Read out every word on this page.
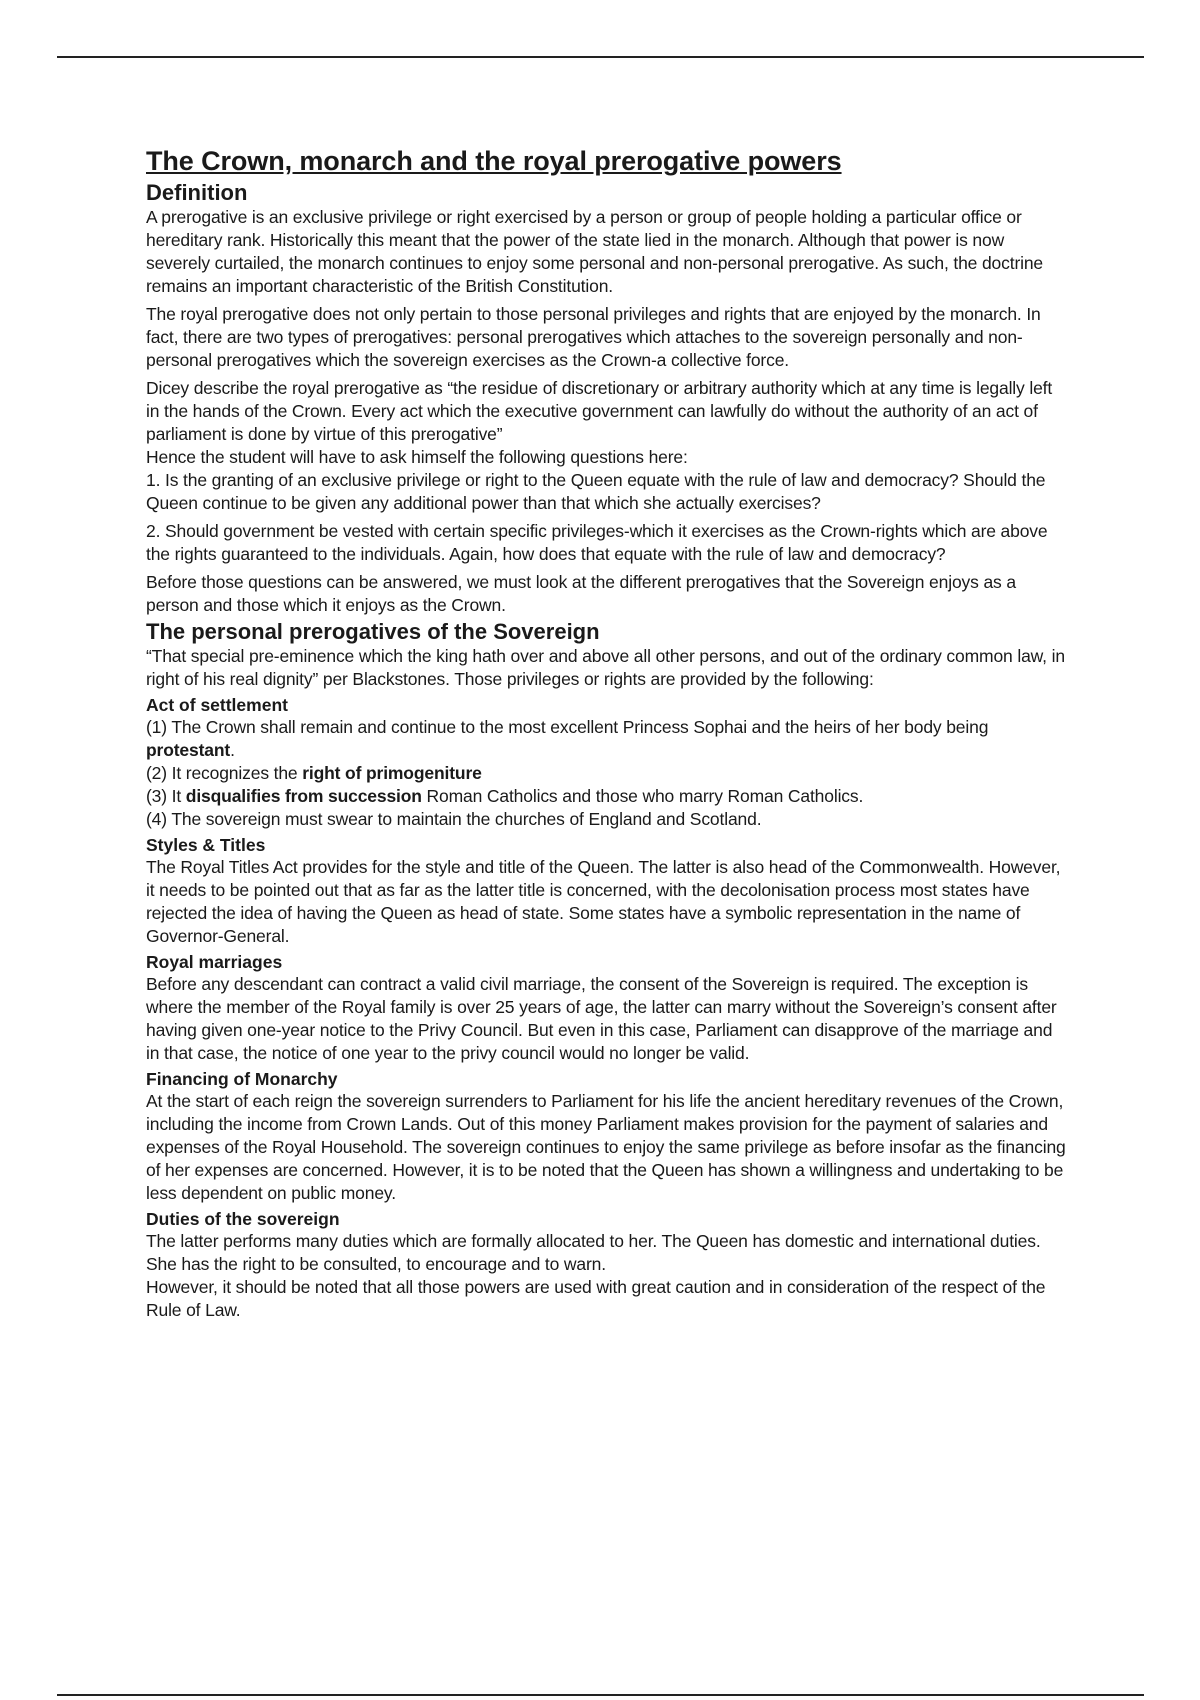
The Crown, monarch and the royal prerogative powers
Definition

A prerogative is an exclusive privilege or right exercised by a person or group of people holding a particular office or hereditary rank. Historically this meant that the power of the state lied in the monarch. Although that power is now severely curtailed, the monarch continues to enjoy some personal and non-personal prerogative. As such, the doctrine remains an important characteristic of the British Constitution.

The royal prerogative does not only pertain to those personal privileges and rights that are enjoyed by the monarch. In fact, there are two types of prerogatives: personal prerogatives which attaches to the sovereign personally and non-personal prerogatives which the sovereign exercises as the Crown-a collective force.

Dicey describe the royal prerogative as “the residue of discretionary or arbitrary authority which at any time is legally left in the hands of the Crown. Every act which the executive government can lawfully do without the authority of an act of parliament is done by virtue of this prerogative”

Hence the student will have to ask himself the following questions here:

1. Is the granting of an exclusive privilege or right to the Queen equate with the rule of law and democracy? Should the Queen continue to be given any additional power than that which she actually exercises?

2. Should government be vested with certain specific privileges-which it exercises as the Crown-rights which are above the rights guaranteed to the individuals. Again, how does that equate with the rule of law and democracy?

Before those questions can be answered, we must look at the different prerogatives that the Sovereign enjoys as a person and those which it enjoys as the Crown.

The personal prerogatives of the Sovereign

“That special pre-eminence which the king hath over and above all other persons, and out of the ordinary common law, in right of his real dignity” per Blackstones. Those privileges or rights are provided by the following:

Act of settlement

(1) The Crown shall remain and continue to the most excellent Princess Sophai and the heirs of her body being protestant.

(2) It recognizes the right of primogeniture

(3) It disqualifies from succession Roman Catholics and those who marry Roman Catholics.

(4) The sovereign must swear to maintain the churches of England and Scotland.

Styles & Titles

The Royal Titles Act provides for the style and title of the Queen. The latter is also head of the Commonwealth. However, it needs to be pointed out that as far as the latter title is concerned, with the decolonisation process most states have rejected the idea of having the Queen as head of state. Some states have a symbolic representation in the name of Governor-General.

Royal marriages

Before any descendant can contract a valid civil marriage, the consent of the Sovereign is required. The exception is where the member of the Royal family is over 25 years of age, the latter can marry without the Sovereign’s consent after having given one-year notice to the Privy Council. But even in this case, Parliament can disapprove of the marriage and in that case, the notice of one year to the privy council would no longer be valid.

Financing of Monarchy

At the start of each reign the sovereign surrenders to Parliament for his life the ancient hereditary revenues of the Crown, including the income from Crown Lands. Out of this money Parliament makes provision for the payment of salaries and expenses of the Royal Household. The sovereign continues to enjoy the same privilege as before insofar as the financing of her expenses are concerned. However, it is to be noted that the Queen has shown a willingness and undertaking to be less dependent on public money.

Duties of the sovereign

The latter performs many duties which are formally allocated to her. The Queen has domestic and international duties. She has the right to be consulted, to encourage and to warn.

However, it should be noted that all those powers are used with great caution and in consideration of the respect of the Rule of Law.
